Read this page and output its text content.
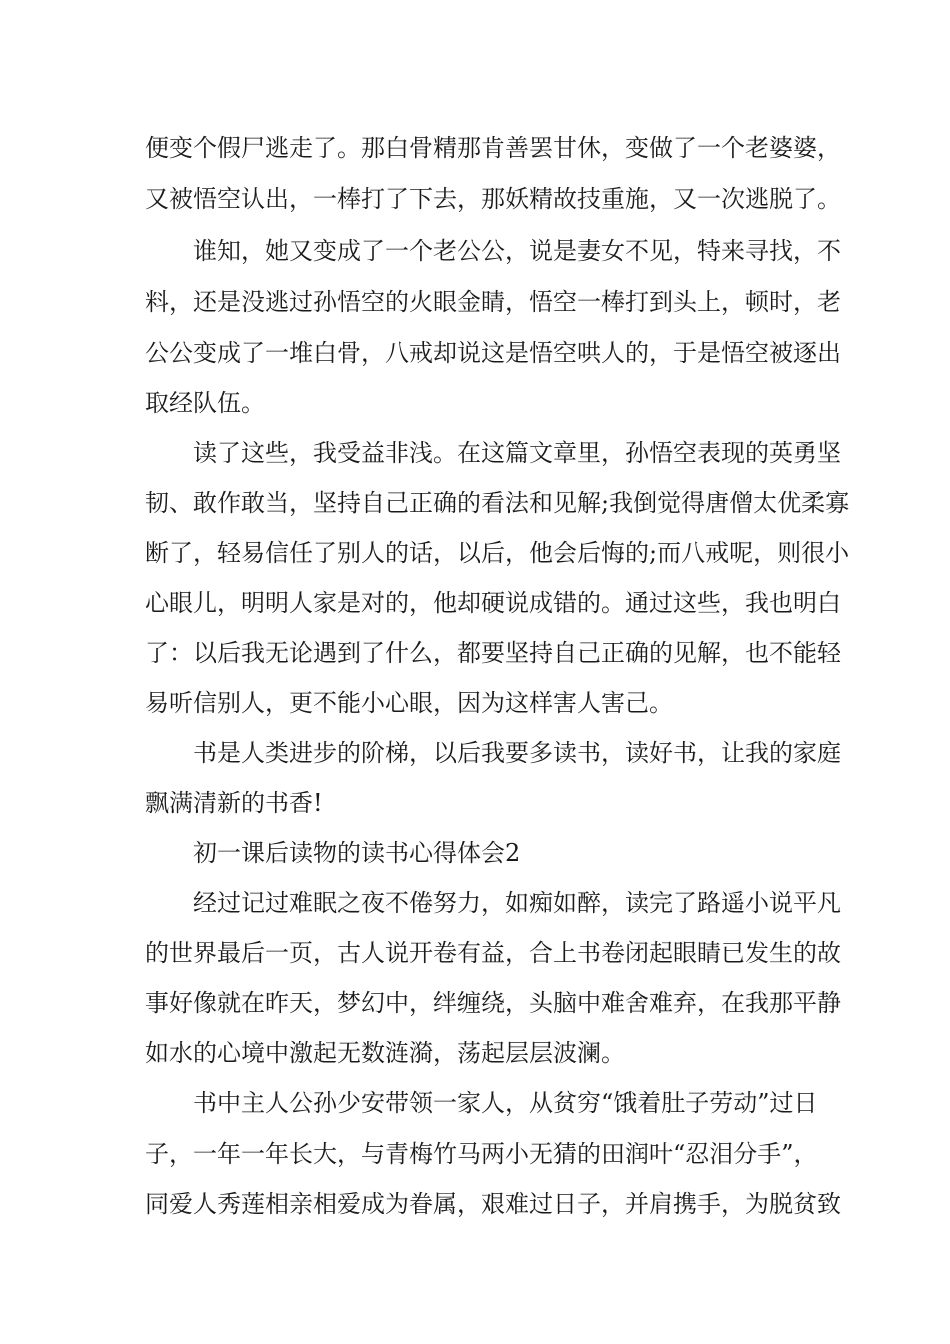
便变个假尸逃走了。那白骨精那肯善罢甘休，变做了一个老婆婆，
又被悟空认出，一棒打了下去，那妖精故技重施，又一次逃脱了。
谁知，她又变成了一个老公公，说是妻女不见，特来寻找，不
料，还是没逃过孙悟空的火眼金睛，悟空一棒打到头上，顿时，老
公公变成了一堆白骨，八戒却说这是悟空哄人的，于是悟空被逐出
取经队伍。
读了这些，我受益非浅。在这篇文章里，孙悟空表现的英勇坚
韧、敢作敢当，坚持自己正确的看法和见解;我倒觉得唐僧太优柔寡
断了，轻易信任了别人的话，以后，他会后悔的;而八戒呢，则很小
心眼儿，明明人家是对的，他却硬说成错的。通过这些，我也明白
了：以后我无论遇到了什么，都要坚持自己正确的见解，也不能轻
易听信别人，更不能小心眼，因为这样害人害己。
书是人类进步的阶梯，以后我要多读书，读好书，让我的家庭
飘满清新的书香!
初一课后读物的读书心得体会2
经过记过难眠之夜不倦努力，如痴如醉，读完了路遥小说平凡
的世界最后一页，古人说开卷有益，合上书卷闭起眼睛已发生的故
事好像就在昨天，梦幻中，绊缠绕，头脑中难舍难弃，在我那平静
如水的心境中激起无数涟漪，荡起层层波澜。
书中主人公孙少安带领一家人，从贫穷“饿着肚子劳动”过日
子，一年一年长大，与青梅竹马两小无猜的田润叶“忍泪分手”，
同爱人秀莲相亲相爱成为眷属，艰难过日子，并肩携手，为脱贫致
